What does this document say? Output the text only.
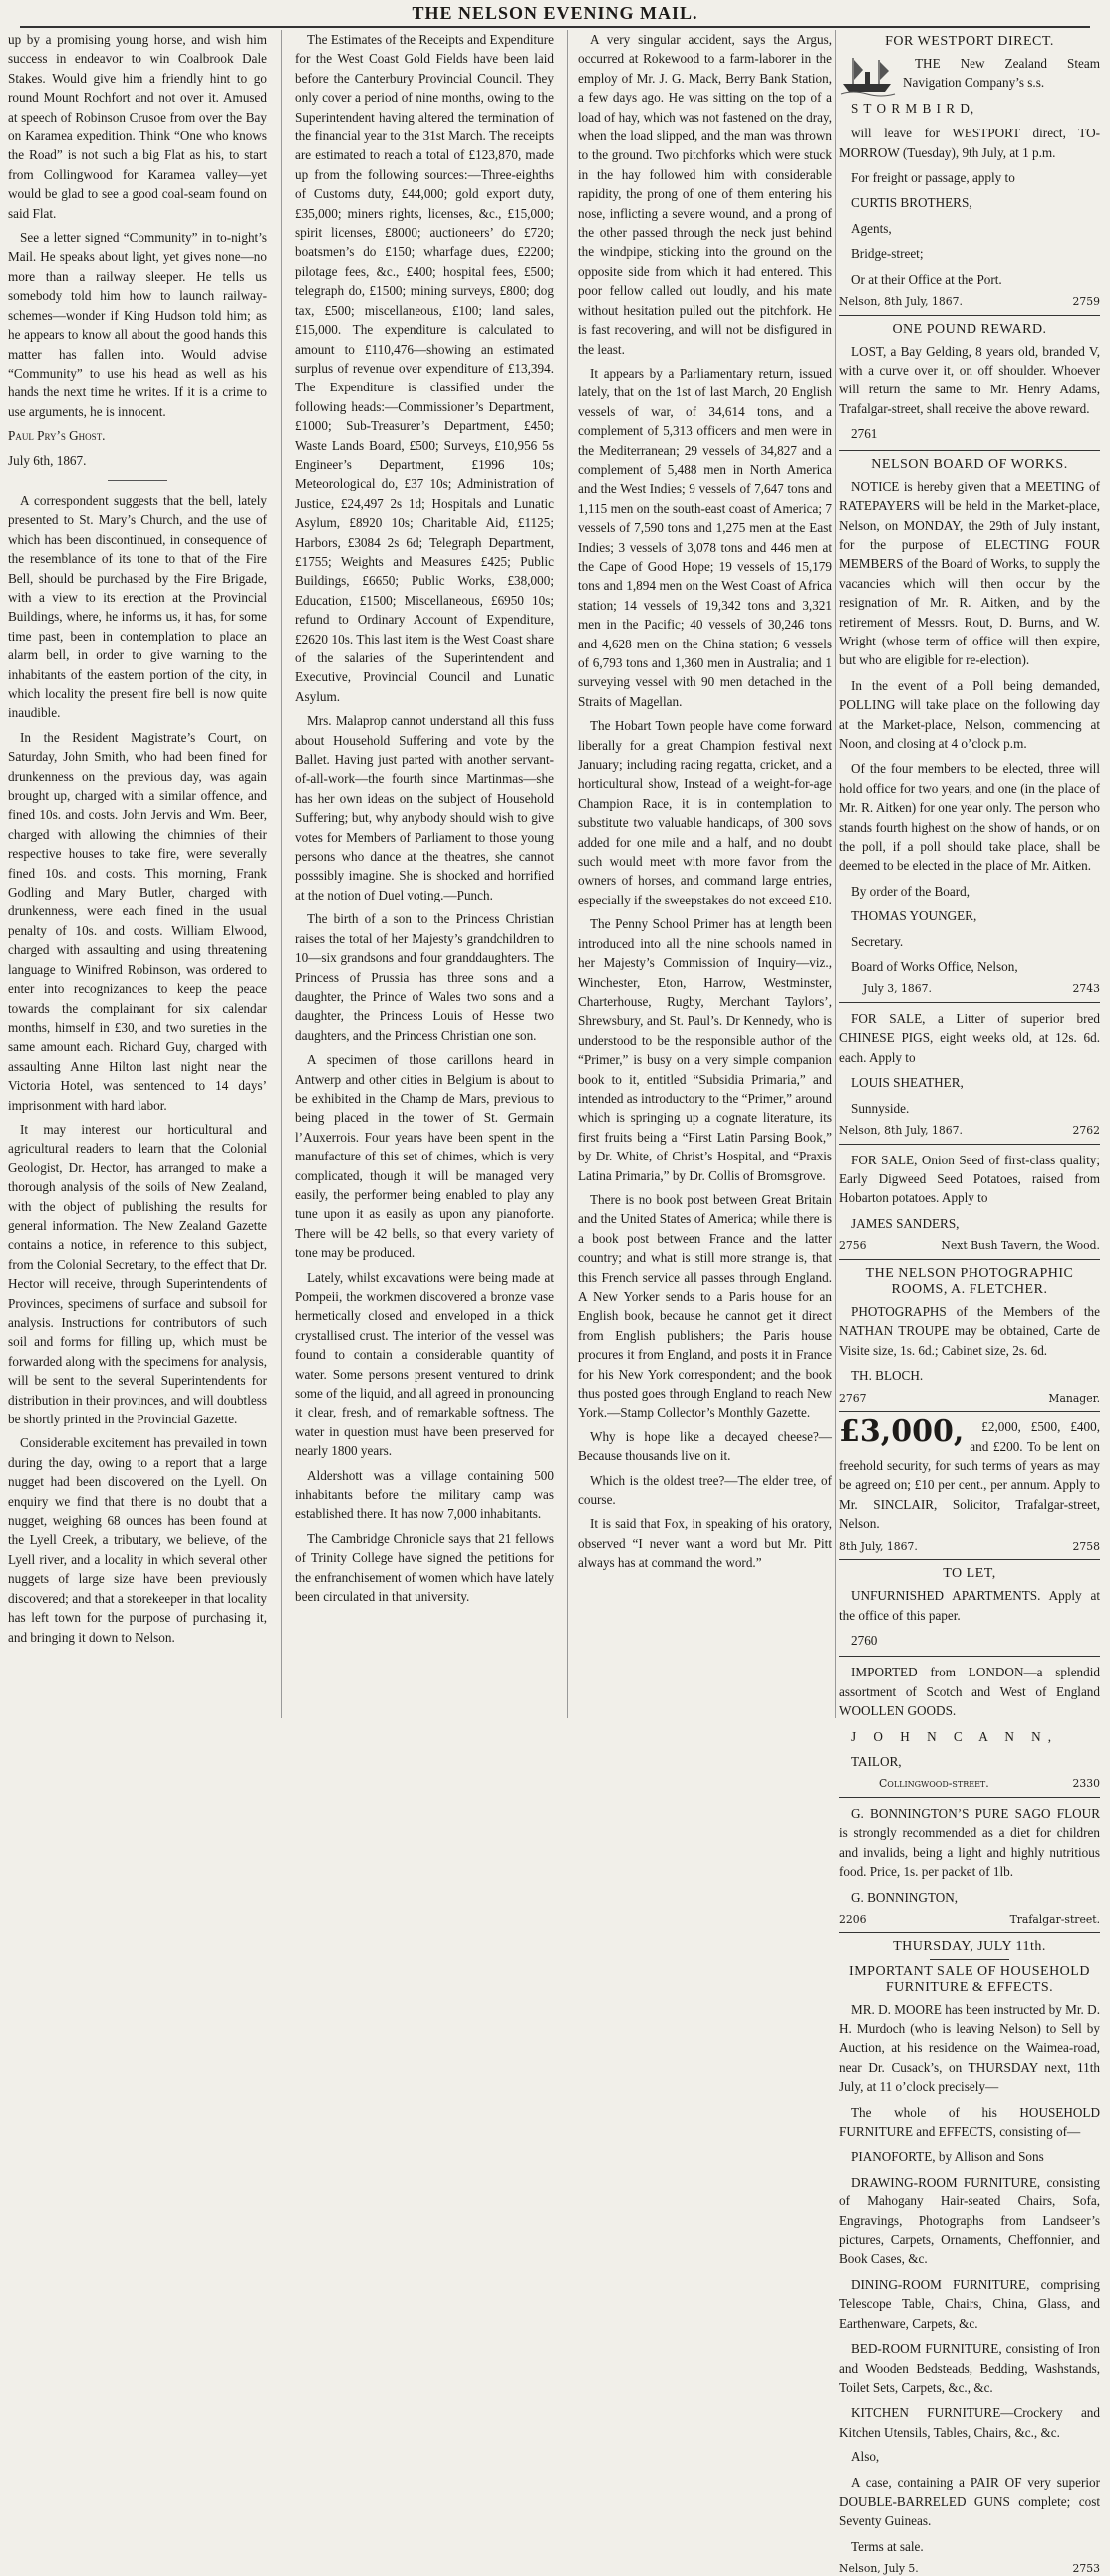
THE NELSON EVENING MAIL.

up by a promising young horse, and wish him success in endeavor to win Coalbrook Dale Stakes. Would give him a friendly hint to go round Mount Rochfort and not over it. Amused at speech of Robinson Crusoe from over the Bay on Karamea expedition. Think “One who knows the Road” is not such a big Flat as his, to start from Collingwood for Karamea valley—yet would be glad to see a good coal-seam found on said Flat.

See a letter signed “Community” in to-night’s Mail. He speaks about light, yet gives none—no more than a railway sleeper. He tells us somebody told him how to launch railway-schemes—wonder if King Hudson told him; as he appears to know all about the good hands this matter has fallen into. Would advise “Community” to use his head as well as his hands the next time he writes. If it is a crime to use arguments, he is innocent.

Paul Pry’s Ghost.

July 6th, 1867.

A correspondent suggests that the bell, lately presented to St. Mary’s Church, and the use of which has been discontinued, in consequence of the resemblance of its tone to that of the Fire Bell, should be purchased by the Fire Brigade, with a view to its erection at the Provincial Buildings, where, he informs us, it has, for some time past, been in contemplation to place an alarm bell, in order to give warning to the inhabitants of the eastern portion of the city, in which locality the present fire bell is now quite inaudible.

In the Resident Magistrate’s Court, on Saturday, John Smith, who had been fined for drunkenness on the previous day, was again brought up, charged with a similar offence, and fined 10s. and costs. John Jervis and Wm. Beer, charged with allowing the chimnies of their respective houses to take fire, were severally fined 10s. and costs. This morning, Frank Godling and Mary Butler, charged with drunkenness, were each fined in the usual penalty of 10s. and costs. William Elwood, charged with assaulting and using threatening language to Winifred Robinson, was ordered to enter into recognizances to keep the peace towards the complainant for six calendar months, himself in £30, and two sureties in the same amount each. Richard Guy, charged with assaulting Anne Hilton last night near the Victoria Hotel, was sentenced to 14 days’ imprisonment with hard labor.

It may interest our horticultural and agricultural readers to learn that the Colonial Geologist, Dr. Hector, has arranged to make a thorough analysis of the soils of New Zealand, with the object of publishing the results for general information. The New Zealand Gazette contains a notice, in reference to this subject, from the Colonial Secretary, to the effect that Dr. Hector will receive, through Superintendents of Provinces, specimens of surface and subsoil for analysis. Instructions for contributors of such soil and forms for filling up, which must be forwarded along with the specimens for analysis, will be sent to the several Superintendents for distribution in their provinces, and will doubtless be shortly printed in the Provincial Gazette.

Considerable excitement has prevailed in town during the day, owing to a report that a large nugget had been discovered on the Lyell. On enquiry we find that there is no doubt that a nugget, weighing 68 ounces has been found at the Lyell Creek, a tributary, we believe, of the Lyell river, and a locality in which several other nuggets of large size have been previously discovered; and that a storekeeper in that locality has left town for the purpose of purchasing it, and bringing it down to Nelson.

The Estimates of the Receipts and Expenditure for the West Coast Gold Fields have been laid before the Canterbury Provincial Council. They only cover a period of nine months, owing to the Superintendent having altered the termination of the financial year to the 31st March. The receipts are estimated to reach a total of £123,870, made up from the following sources:—Three-eighths of Customs duty, £44,000; gold export duty, £35,000; miners rights, licenses, &c., £15,000; spirit licenses, £8000; auctioneers’ do £720; boatsmen’s do £150; wharfage dues, £2200; pilotage fees, &c., £400; hospital fees, £500; telegraph do, £1500; mining surveys, £800; dog tax, £500; miscellaneous, £100; land sales, £15,000. The expenditure is calculated to amount to £110,476—showing an estimated surplus of revenue over expenditure of £13,394. The Expenditure is classified under the following heads:—Commissioner’s Department, £1000; Sub-Treasurer’s Department, £450; Waste Lands Board, £500; Surveys, £10,956 5s Engineer’s Department, £1996 10s; Meteorological do, £37 10s; Administration of Justice, £24,497 2s 1d; Hospitals and Lunatic Asylum, £8920 10s; Charitable Aid, £1125; Harbors, £3084 2s 6d; Telegraph Department, £1755; Weights and Measures £425; Public Buildings, £6650; Public Works, £38,000; Education, £1500; Miscellaneous, £6950 10s; refund to Ordinary Account of Expenditure, £2620 10s. This last item is the West Coast share of the salaries of the Superintendent and Executive, Provincial Council and Lunatic Asylum.

Mrs. Malaprop cannot understand all this fuss about Household Suffering and vote by the Ballet. Having just parted with another servant-of-all-work—the fourth since Martinmas—she has her own ideas on the subject of Household Suffering; but, why anybody should wish to give votes for Members of Parliament to those young persons who dance at the theatres, she cannot posssibly imagine. She is shocked and horrified at the notion of Duel voting.—Punch.

The birth of a son to the Princess Christian raises the total of her Majesty’s grandchildren to 10—six grandsons and four granddaughters. The Princess of Prussia has three sons and a daughter, the Prince of Wales two sons and a daughter, the Princess Louis of Hesse two daughters, and the Princess Christian one son.

A specimen of those carillons heard in Antwerp and other cities in Belgium is about to be exhibited in the Champ de Mars, previous to being placed in the tower of St. Germain l’Auxerrois. Four years have been spent in the manufacture of this set of chimes, which is very complicated, though it will be managed very easily, the performer being enabled to play any tune upon it as easily as upon any pianoforte. There will be 42 bells, so that every variety of tone may be produced.

Lately, whilst excavations were being made at Pompeii, the workmen discovered a bronze vase hermetically closed and enveloped in a thick crystallised crust. The interior of the vessel was found to contain a considerable quantity of water. Some persons present ventured to drink some of the liquid, and all agreed in pronouncing it clear, fresh, and of remarkable softness. The water in question must have been preserved for nearly 1800 years.

Aldershott was a village containing 500 inhabitants before the military camp was established there. It has now 7,000 inhabitants.

The Cambridge Chronicle says that 21 fellows of Trinity College have signed the petitions for the enfranchisement of women which have lately been circulated in that university.

A very singular accident, says the Argus, occurred at Rokewood to a farm-laborer in the employ of Mr. J. G. Mack, Berry Bank Station, a few days ago. He was sitting on the top of a load of hay, which was not fastened on the dray, when the load slipped, and the man was thrown to the ground. Two pitchforks which were stuck in the hay followed him with considerable rapidity, the prong of one of them entering his nose, inflicting a severe wound, and a prong of the other passed through the neck just behind the windpipe, sticking into the ground on the opposite side from which it had entered. This poor fellow called out loudly, and his mate without hesitation pulled out the pitchfork. He is fast recovering, and will not be disfigured in the least.

It appears by a Parliamentary return, issued lately, that on the 1st of last March, 20 English vessels of war, of 34,614 tons, and a complement of 5,313 officers and men were in the Mediterranean; 29 vessels of 34,827 and a complement of 5,488 men in North America and the West Indies; 9 vessels of 7,647 tons and 1,115 men on the south-east coast of America; 7 vessels of 7,590 tons and 1,275 men at the East Indies; 3 vessels of 3,078 tons and 446 men at the Cape of Good Hope; 19 vessels of 15,179 tons and 1,894 men on the West Coast of Africa station; 14 vessels of 19,342 tons and 3,321 men in the Pacific; 40 vessels of 30,246 tons and 4,628 men on the China station; 6 vessels of 6,793 tons and 1,360 men in Australia; and 1 surveying vessel with 90 men detached in the Straits of Magellan.

The Hobart Town people have come forward liberally for a great Champion festival next January; including racing regatta, cricket, and a horticultural show, Instead of a weight-for-age Champion Race, it is in contemplation to substitute two valuable handicaps, of 300 sovs added for one mile and a half, and no doubt such would meet with more favor from the owners of horses, and command large entries, especially if the sweepstakes do not exceed £10.

The Penny School Primer has at length been introduced into all the nine schools named in her Majesty’s Commission of Inquiry—viz., Winchester, Eton, Harrow, Westminster, Charterhouse, Rugby, Merchant Taylors’, Shrewsbury, and St. Paul’s. Dr Kennedy, who is understood to be the responsible author of the “Primer,” is busy on a very simple companion book to it, entitled “Subsidia Primaria,” and intended as introductory to the “Primer,” around which is springing up a cognate literature, its first fruits being a “First Latin Parsing Book,” by Dr. White, of Christ’s Hospital, and “Praxis Latina Primaria,” by Dr. Collis of Bromsgrove.

There is no book post between Great Britain and the United States of America; while there is a book post between France and the latter country; and what is still more strange is, that this French service all passes through England. A New Yorker sends to a Paris house for an English book, because he cannot get it direct from English publishers; the Paris house procures it from England, and posts it in France for his New York correspondent; and the book thus posted goes through England to reach New York.—Stamp Collector’s Monthly Gazette.

Why is hope like a decayed cheese?—Because thousands live on it.

Which is the oldest tree?—The elder tree, of course.

It is said that Fox, in speaking of his oratory, observed “I never want a word but Mr. Pitt always has at command the word.”

FOR WESTPORT DIRECT.

THE New Zealand Steam Navigation Company’s s.s.

S T O R M B I R D,

will leave for WESTPORT direct, TO-MORROW (Tuesday), 9th July, at 1 p.m.

For freight or passage, apply to

CURTIS BROTHERS,

Agents,

Bridge-street;

Or at their Office at the Port.

Nelson, 8th July, 1867.	2759
ONE POUND REWARD.

LOST, a Bay Gelding, 8 years old, branded V, with a curve over it, on off shoulder. Whoever will return the same to Mr. Henry Adams, Trafalgar-street, shall receive the above reward.

2761

NELSON BOARD OF WORKS.

NOTICE is hereby given that a MEETING of RATEPAYERS will be held in the Market-place, Nelson, on MONDAY, the 29th of July instant, for the purpose of ELECTING FOUR MEMBERS of the Board of Works, to supply the vacancies which will then occur by the resignation of Mr. R. Aitken, and by the retirement of Messrs. Rout, D. Burns, and W. Wright (whose term of office will then expire, but who are eligible for re-election).

In the event of a Poll being demanded, POLLING will take place on the following day at the Market-place, Nelson, commencing at Noon, and closing at 4 o’clock p.m.

Of the four members to be elected, three will hold office for two years, and one (in the place of Mr. R. Aitken) for one year only. The person who stands fourth highest on the show of hands, or on the poll, if a poll should take place, shall be deemed to be elected in the place of Mr. Aitken.

By order of the Board,

THOMAS YOUNGER,

Secretary.

Board of Works Office, Nelson,

July 3, 1867.	2743

FOR SALE, a Litter of superior bred CHINESE PIGS, eight weeks old, at 12s. 6d. each. Apply to

LOUIS SHEATHER,

Sunnyside.

Nelson, 8th July, 1867.	2762

FOR SALE, Onion Seed of first-class quality; Early Digweed Seed Potatoes, raised from Hobarton potatoes. Apply to

JAMES SANDERS,

2756	Next Bush Tavern, the Wood.
THE NELSON PHOTOGRAPHIC ROOMS, A. FLETCHER.

PHOTOGRAPHS of the Members of the NATHAN TROUPE may be obtained, Carte de Visite size, 1s. 6d.; Cabinet size, 2s. 6d.

TH. BLOCH.

2767	Manager.
£3,000,	£2,000, £500, £400, and £200. To be lent on freehold security, for such terms of years as may be agreed on; £10 per cent., per annum. Apply to Mr. SINCLAIR, Solicitor, Trafalgar-street, Nelson.

8th July, 1867.	2758
TO LET,

UNFURNISHED APARTMENTS. Apply at the office of this paper.

2760

IMPORTED from LONDON—a splendid assortment of Scotch and West of England WOOLLEN GOODS.

J O H N C A N N,

TAILOR,

Collingwood-street.	2330

G. BONNINGTON’S PURE SAGO FLOUR is strongly recommended as a diet for children and invalids, being a light and highly nutritious food. Price, 1s. per packet of 1lb.

G. BONNINGTON,

2206	Trafalgar-street.
THURSDAY, JULY 11th.
IMPORTANT SALE OF HOUSEHOLD FURNITURE & EFFECTS.

MR. D. MOORE has been instructed by Mr. D. H. Murdoch (who is leaving Nelson) to Sell by Auction, at his residence on the Waimea-road, near Dr. Cusack’s, on THURSDAY next, 11th July, at 11 o’clock precisely—

The whole of his HOUSEHOLD FURNITURE and EFFECTS, consisting of—

PIANOFORTE, by Allison and Sons

DRAWING-ROOM FURNITURE, consisting of Mahogany Hair-seated Chairs, Sofa, Engravings, Photographs from Landseer’s pictures, Carpets, Ornaments, Cheffonnier, and Book Cases, &c.

DINING-ROOM FURNITURE, comprising Telescope Table, Chairs, China, Glass, and Earthenware, Carpets, &c.

BED-ROOM FURNITURE, consisting of Iron and Wooden Bedsteads, Bedding, Washstands, Toilet Sets, Carpets, &c., &c.

KITCHEN FURNITURE—Crockery and Kitchen Utensils, Tables, Chairs, &c., &c.

Also,

A case, containing a PAIR OF very superior DOUBLE-BARRELED GUNS complete; cost Seventy Guineas.

Terms at sale.

Nelson, July 5.	2753
